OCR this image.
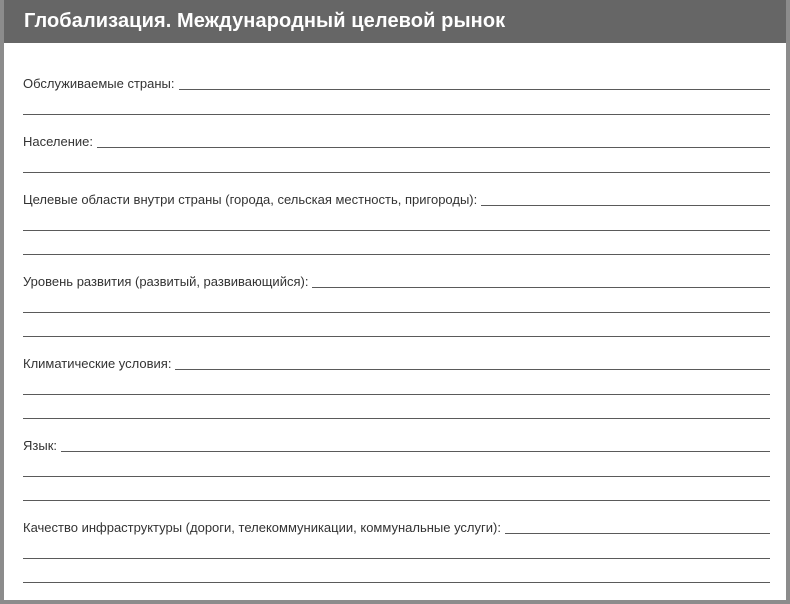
Глобализация. Международный целевой рынок
Обслуживаемые страны:
Население:
Целевые области внутри страны (города, сельская местность, пригороды):
Уровень развития (развитый, развивающийся):
Климатические условия:
Язык:
Качество инфраструктуры (дороги, телекоммуникации, коммунальные услуги):
